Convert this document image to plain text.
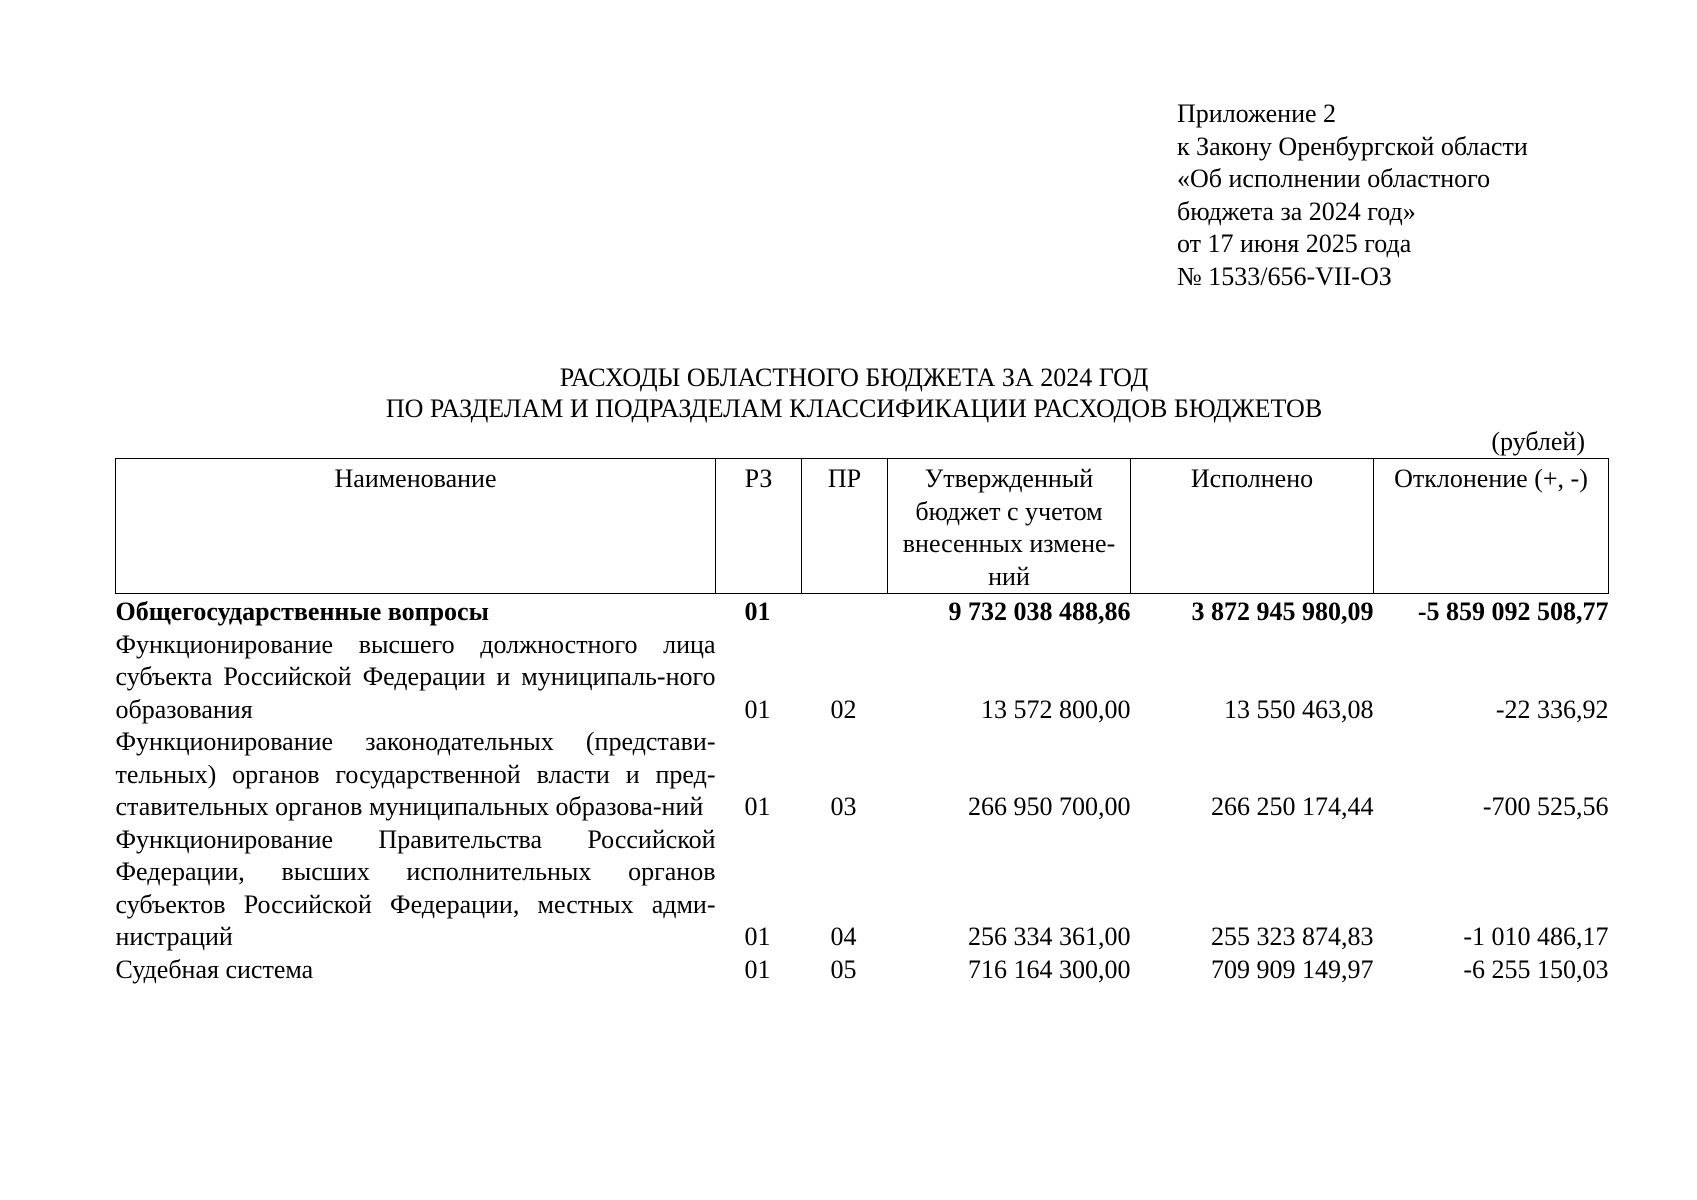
Приложение 2
к Закону Оренбургской области
«Об исполнении областного
бюджета за 2024 год»
от 17 июня 2025 года
№ 1533/656-VII-ОЗ
РАСХОДЫ ОБЛАСТНОГО БЮДЖЕТА ЗА 2024 ГОД
ПО РАЗДЕЛАМ И ПОДРАЗДЕЛАМ КЛАССИФИКАЦИИ РАСХОДОВ БЮДЖЕТОВ
(рублей)
Наименование	РЗ	ПР	Утвержденный бюджет с учетом внесенных измене-ний	Исполнено	Отклонение (+, -)
Общегосударственные вопросы	01		9 732 038 488,86	3 872 945 980,09	-5 859 092 508,77
Функционирование высшего должностного лица субъекта Российской Федерации и муниципаль-ного образования	01	02	13 572 800,00	13 550 463,08	-22 336,92
Функционирование законодательных (представи-тельных) органов государственной власти и пред-ставительных органов муниципальных образова-ний	01	03	266 950 700,00	266 250 174,44	-700 525,56
Функционирование Правительства Российской Федерации, высших исполнительных органов субъектов Российской Федерации, местных адми-нистраций	01	04	256 334 361,00	255 323 874,83	-1 010 486,17
Судебная система	01	05	716 164 300,00	709 909 149,97	-6 255 150,03
